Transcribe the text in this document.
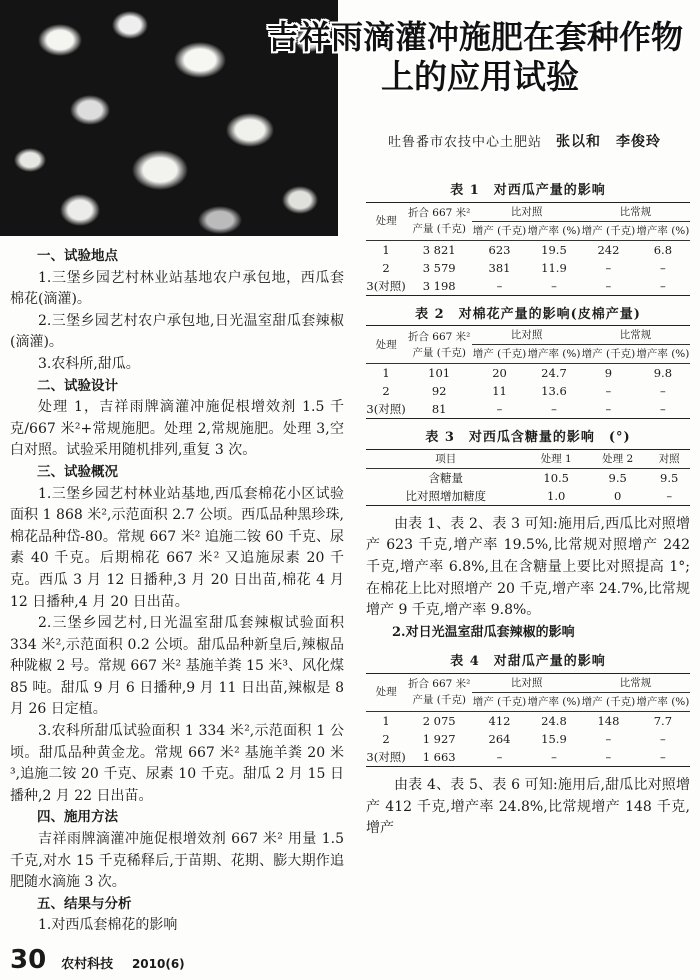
吉祥雨滴灌冲施肥在套种作物
上的应用试验
吐鲁番市农技中心土肥站 张以和　李俊玲

一、试验地点

1.三堡乡园艺村林业站基地农户承包地，西瓜套棉花(滴灌)。

2.三堡乡园艺村农户承包地,日光温室甜瓜套辣椒(滴灌)。

3.农科所,甜瓜。

二、试验设计

处理 1，吉祥雨牌滴灌冲施促根增效剂 1.5 千克/667 米²+常规施肥。处理 2,常规施肥。处理 3,空白对照。试验采用随机排列,重复 3 次。

三、试验概况

1.三堡乡园艺村林业站基地,西瓜套棉花小区试验面积 1 868 米²,示范面积 2.7 公顷。西瓜品种黑珍珠,棉花品种岱-80。常规 667 米² 追施二铵 60 千克、尿素 40 千克。后期棉花 667 米² 又追施尿素 20 千克。西瓜 3 月 12 日播种,3 月 20 日出苗,棉花 4 月 12 日播种,4 月 20 日出苗。

2.三堡乡园艺村,日光温室甜瓜套辣椒试验面积 334 米²,示范面积 0.2 公顷。甜瓜品种新皇后,辣椒品种陇椒 2 号。常规 667 米² 基施羊粪 15 米³、风化煤 85 吨。甜瓜 9 月 6 日播种,9 月 11 日出苗,辣椒是 8 月 26 日定植。

3.农科所甜瓜试验面积 1 334 米²,示范面积 1 公顷。甜瓜品种黄金龙。常规 667 米² 基施羊粪 20 米³,追施二铵 20 千克、尿素 10 千克。甜瓜 2 月 15 日播种,2 月 22 日出苗。

四、施用方法

吉祥雨牌滴灌冲施促根增效剂 667 米² 用量 1.5 千克,对水 15 千克稀释后,于苗期、花期、膨大期作追肥随水滴施 3 次。

五、结果与分析

1.对西瓜套棉花的影响

30 农村科技 2010(6)

表 1　对西瓜产量的影响

处理	折合 667 米² 产量 (千克)	比对照		比常规	
		增产 (千克)	增产率 (%)	增产 (千克)	增产率 (%)
1	3 821	623	19.5	242	6.8
2	3 579	381	11.9	–	–
3(对照)	3 198	–	–	–	–

表 2　对棉花产量的影响(皮棉产量)

处理	折合 667 米² 产量 (千克)	比对照		比常规	
		增产 (千克)	增产率 (%)	增产 (千克)	增产率 (%)
1	101	20	24.7	9	9.8
2	92	11	13.6	–	–
3(对照)	81	–	–	–	–

表 3　对西瓜含糖量的影响　(°)

项目	处理 1	处理 2	对照
含糖量	10.5	9.5	9.5
比对照增加糖度	1.0	0	–

由表 1、表 2、表 3 可知:施用后,西瓜比对照增产 623 千克,增产率 19.5%,比常规对照增产 242 千克,增产率 6.8%,且在含糖量上要比对照提高 1°;在棉花上比对照增产 20 千克,增产率 24.7%,比常规增产 9 千克,增产率 9.8%。

2.对日光温室甜瓜套辣椒的影响

表 4　对甜瓜产量的影响

处理	折合 667 米² 产量 (千克)	比对照		比常规	
		增产 (千克)	增产率 (%)	增产 (千克)	增产率 (%)
1	2 075	412	24.8	148	7.7
2	1 927	264	15.9	–	–
3(对照)	1 663	–	–	–	–

由表 4、表 5、表 6 可知:施用后,甜瓜比对照增产 412 千克,增产率 24.8%,比常规增产 148 千克,增产
